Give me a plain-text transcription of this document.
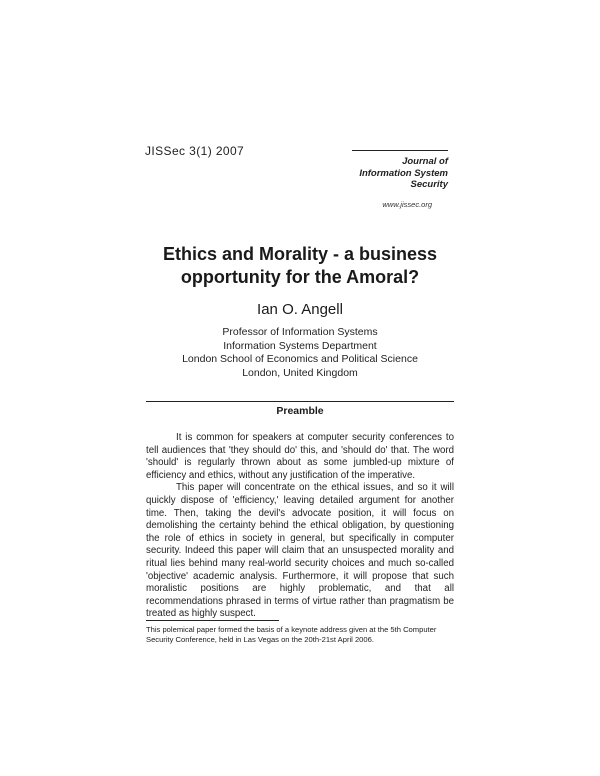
JISSec 3(1) 2007
Journal of
Information System
Security
www.jissec.org
Ethics and Morality - a business
opportunity for the Amoral?
Ian O. Angell
Professor of Information Systems
Information Systems Department
London School of Economics and Political Science
London, United Kingdom
Preamble

It is common for speakers at computer security conferences to tell audiences that 'they should do' this, and 'should do' that. The word 'should' is regularly thrown about as some jumbled-up mixture of efficiency and ethics, without any justification of the imperative.

This paper will concentrate on the ethical issues, and so it will quickly dispose of 'efficiency,' leaving detailed argument for another time. Then, taking the devil's advocate position, it will focus on demolishing the certainty behind the ethical obligation, by questioning the role of ethics in society in general, but specifically in computer security. Indeed this paper will claim that an unsuspected morality and ritual lies behind many real-world security choices and much so-called 'objective' academic analysis. Furthermore, it will propose that such moralistic positions are highly problematic, and that all recommendations phrased in terms of virtue rather than pragmatism be treated as highly suspect.

This polemical paper formed the basis of a keynote address given at the 5th Computer Security Conference, held in Las Vegas on the 20th-21st April 2006.
